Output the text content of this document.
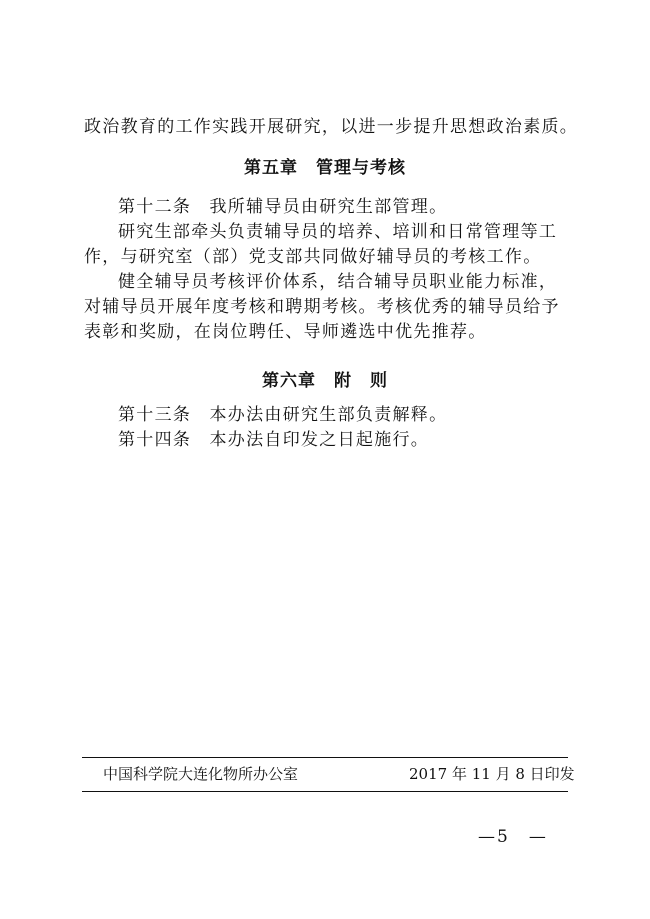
政治教育的工作实践开展研究，以进一步提升思想政治素质。
第五章　管理与考核
第十二条　我所辅导员由研究生部管理。
研究生部牵头负责辅导员的培养、培训和日常管理等工
作，与研究室（部）党支部共同做好辅导员的考核工作。
健全辅导员考核评价体系，结合辅导员职业能力标准，
对辅导员开展年度考核和聘期考核。考核优秀的辅导员给予
表彰和奖励，在岗位聘任、导师遴选中优先推荐。
第六章　附　则
第十三条　本办法由研究生部负责解释。
第十四条　本办法自印发之日起施行。
中国科学院大连化物所办公室	2017 年 11 月 8 日印发
—5　—
